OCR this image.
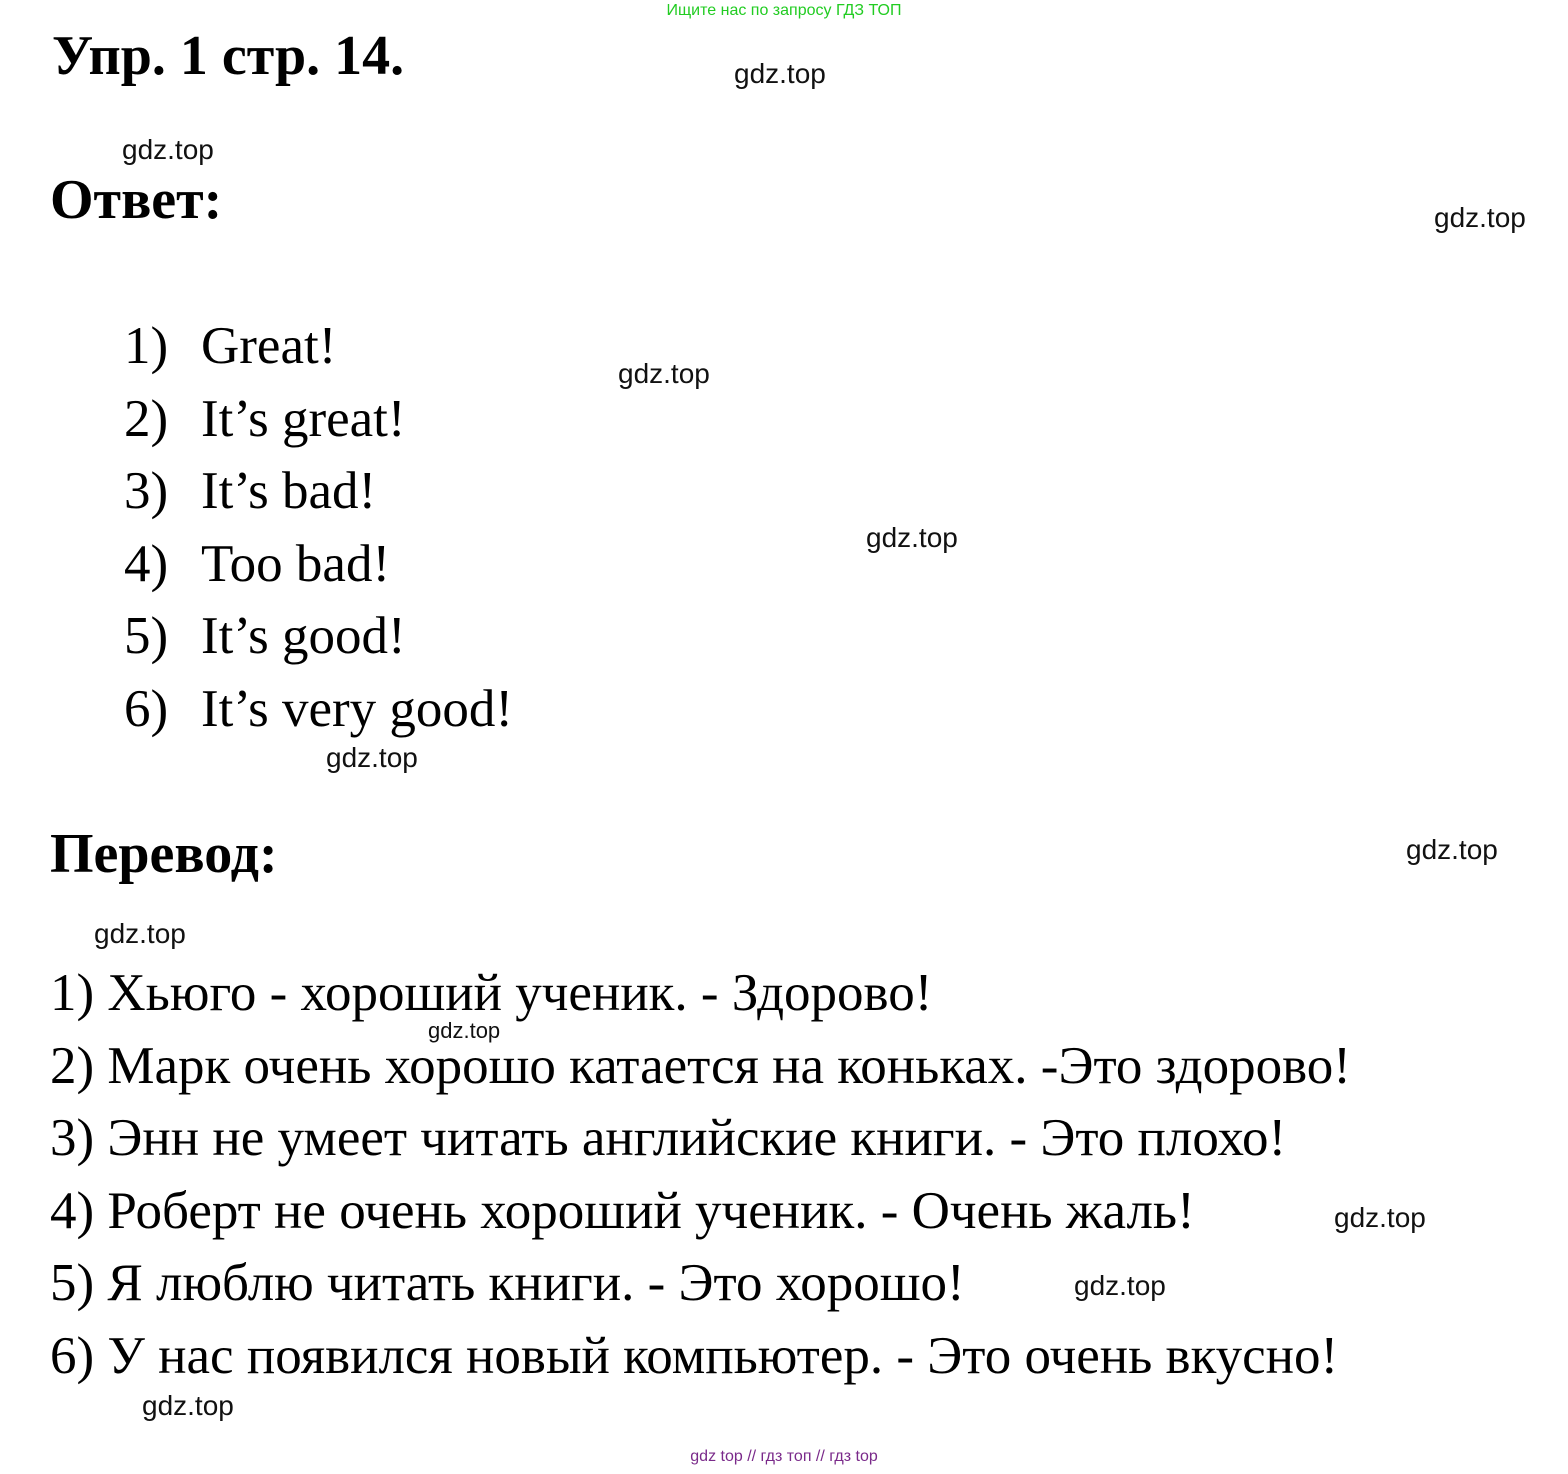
Ищите нас по запросу ГДЗ ТОП
Упр. 1 стр. 14.
Ответ:
1) Great!
2) It’s great!
3) It’s bad!
4) Too bad!
5) It’s good!
6) It’s very good!
Перевод:
1) Хьюго - хороший ученик. - Здорово!
2) Марк очень хорошо катается на коньках. -Это здорово!
3) Энн не умеет читать английские книги. - Это плохо!
4) Роберт не очень хороший ученик. - Очень жаль!
5) Я люблю читать книги. - Это хорошо!
6) У нас появился новый компьютер. - Это очень вкусно!
gdz.top
gdz.top
gdz.top
gdz.top
gdz.top
gdz.top
gdz.top
gdz.top
gdz.top
gdz.top
gdz.top
gdz.top
gdz top // гдз топ // гдз top
